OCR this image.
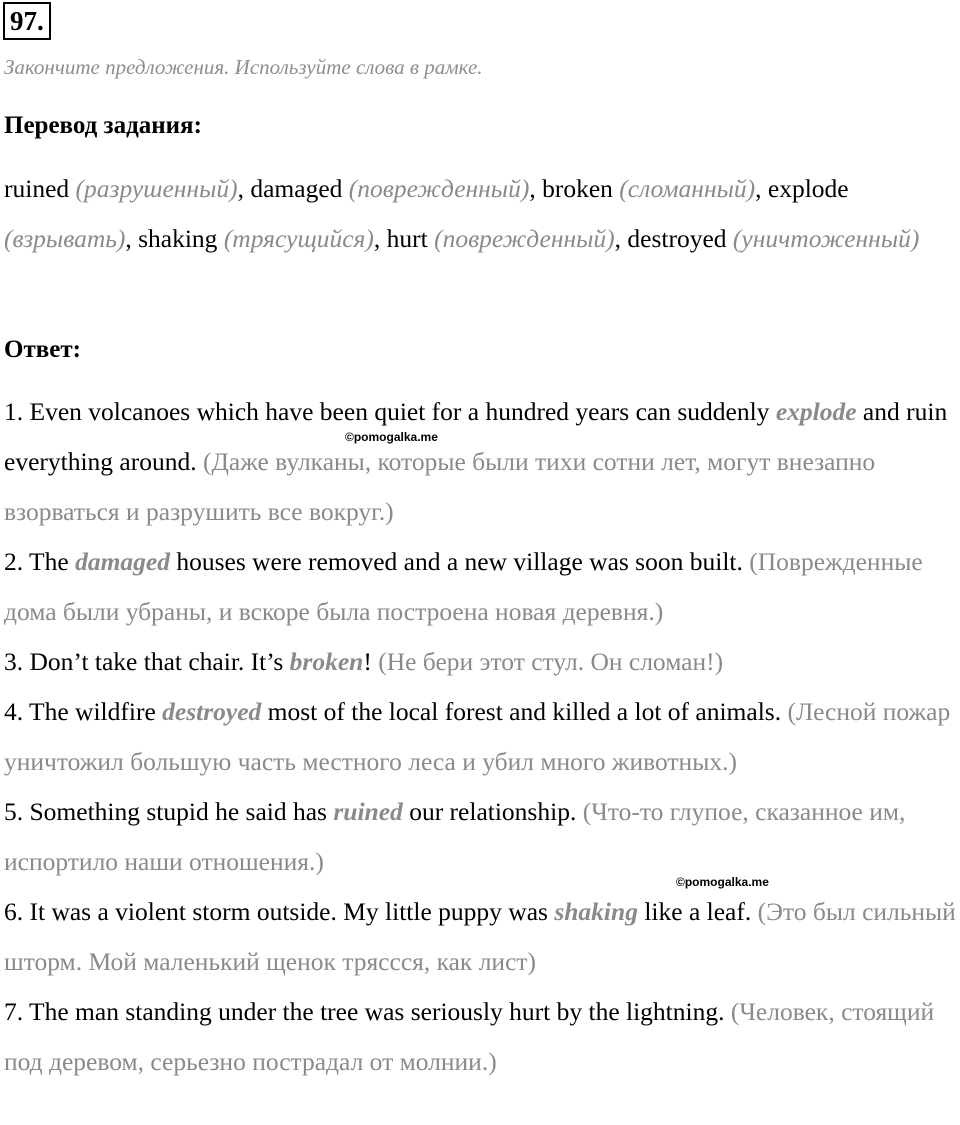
97.
Закончите предложения. Используйте слова в рамке.
Перевод задания:
ruined (разрушенный), damaged (поврежденный), broken (сломанный), explode (взрывать), shaking (трясущийся), hurt (поврежденный), destroyed (уничтоженный)
Ответ:

1. Even volcanoes which have been quiet for a hundred years can suddenly explode and ruin everything around. (Даже вулканы, которые были тихи сотни лет, могут внезапно взорваться и разрушить все вокруг.)

2. The damaged houses were removed and a new village was soon built. (Поврежденные дома были убраны, и вскоре была построена новая деревня.)

3. Don’t take that chair. It’s broken! (Не бери этот стул. Он сломан!)

4. The wildfire destroyed most of the local forest and killed a lot of animals. (Лесной пожар уничтожил большую часть местного леса и убил много животных.)

5. Something stupid he said has ruined our relationship. (Что-то глупое, сказанное им, испортило наши отношения.)

6. It was a violent storm outside. My little puppy was shaking like a leaf. (Это был сильный шторм. Мой маленький щенок тряссся, как лист)

7. The man standing under the tree was seriously hurt by the lightning. (Человек, стоящий под деревом, серьезно пострадал от молнии.)

©pomogalka.me
©pomogalka.me
